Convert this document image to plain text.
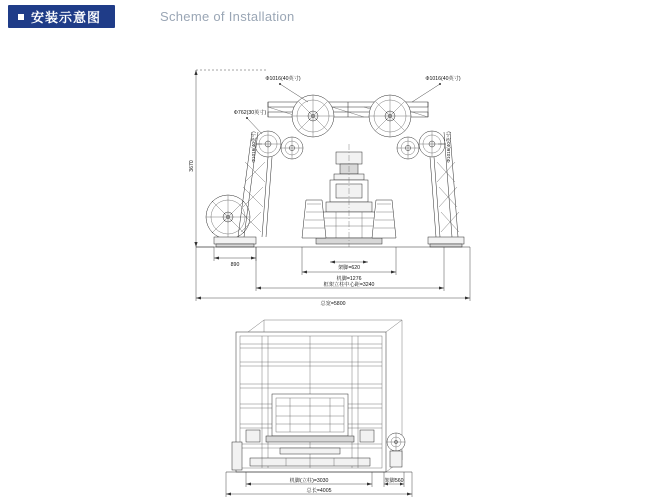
安装示意图	Scheme of Installation
3670
Φ1016(40英寸)	Φ1016(40英寸)
Φ762(30英寸)
Φ1016(40英寸)	Φ1016(40英寸)
890
机脚=1276
架脚=620
框架立柱中心距=3240
总宽=5800
机脚(立柱)=3030	架脚560
总长=4005
